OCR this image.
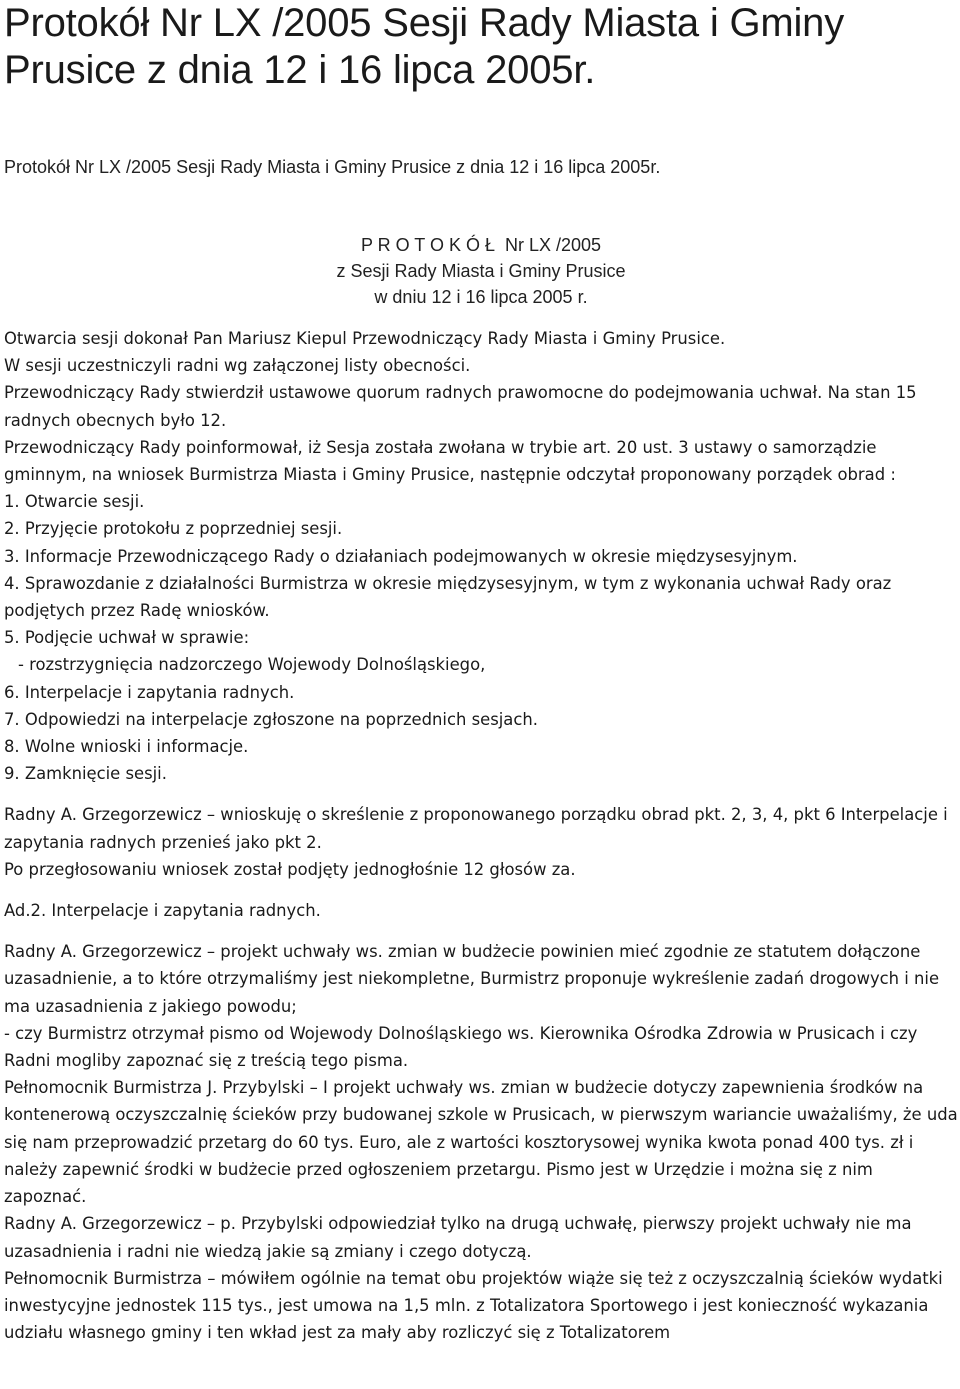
Protokół Nr LX /2005 Sesji Rady Miasta i Gminy Prusice z dnia 12 i 16 lipca 2005r.
Protokół Nr LX /2005 Sesji Rady Miasta i Gminy Prusice z dnia 12 i 16 lipca 2005r.
P R O T O K Ó Ł  Nr LX /2005
z Sesji Rady Miasta i Gminy Prusice
w dniu 12 i 16 lipca 2005 r.

Otwarcia sesji dokonał Pan Mariusz Kiepul Przewodniczący Rady Miasta i Gminy Prusice.

W sesji uczestniczyli radni wg załączonej listy obecności.

Przewodniczący Rady stwierdził ustawowe quorum radnych prawomocne do podejmowania uchwał. Na stan 15 radnych obecnych było 12.

Przewodniczący Rady poinformował, iż Sesja została zwołana w trybie art. 20 ust. 3 ustawy o samorządzie gminnym, na wniosek Burmistrza Miasta i Gminy Prusice, następnie odczytał proponowany porządek obrad :

1. Otwarcie sesji.

2. Przyjęcie protokołu z poprzedniej sesji.

3. Informacje Przewodniczącego Rady o działaniach podejmowanych w okresie międzysesyjnym.

4. Sprawozdanie z działalności Burmistrza w okresie międzysesyjnym, w tym z wykonania uchwał Rady oraz podjętych przez Radę wniosków.

5. Podjęcie uchwał w sprawie:

- rozstrzygnięcia nadzorczego Wojewody Dolnośląskiego,

6. Interpelacje i zapytania radnych.

7. Odpowiedzi na interpelacje zgłoszone na poprzednich sesjach.

8. Wolne wnioski i informacje.

9. Zamknięcie sesji.

Radny A. Grzegorzewicz – wnioskuję o skreślenie z proponowanego porządku obrad pkt. 2, 3, 4, pkt 6 Interpelacje i zapytania radnych przenieś jako pkt 2.

Po przegłosowaniu wniosek został podjęty jednogłośnie 12 głosów za.

Ad.2. Interpelacje i zapytania radnych.

Radny A. Grzegorzewicz – projekt uchwały ws. zmian w budżecie powinien mieć zgodnie ze statutem dołączone uzasadnienie, a to które otrzymaliśmy jest niekompletne, Burmistrz proponuje wykreślenie zadań drogowych i nie ma uzasadnienia z jakiego powodu;

- czy Burmistrz otrzymał pismo od Wojewody Dolnośląskiego ws. Kierownika Ośrodka Zdrowia w Prusicach i czy Radni mogliby zapoznać się z treścią tego pisma.

Pełnomocnik Burmistrza J. Przybylski – I projekt uchwały ws. zmian w budżecie dotyczy zapewnienia środków na kontenerową oczyszczalnię ścieków przy budowanej szkole w Prusicach, w pierwszym wariancie uważaliśmy, że uda się nam przeprowadzić przetarg do 60 tys. Euro, ale z wartości kosztorysowej wynika kwota ponad 400 tys. zł i należy zapewnić środki w budżecie przed ogłoszeniem przetargu. Pismo jest w Urzędzie i można się z nim zapoznać.

Radny A. Grzegorzewicz – p. Przybylski odpowiedział tylko na drugą uchwałę, pierwszy projekt uchwały nie ma uzasadnienia i radni nie wiedzą jakie są zmiany i czego dotyczą.

Pełnomocnik Burmistrza – mówiłem ogólnie na temat obu projektów wiąże się też z oczyszczalnią ścieków wydatki inwestycyjne jednostek 115 tys., jest umowa na 1,5 mln. z Totalizatora Sportowego i jest konieczność wykazania udziału własnego gminy i ten wkład jest za mały aby rozliczyć się z Totalizatorem
